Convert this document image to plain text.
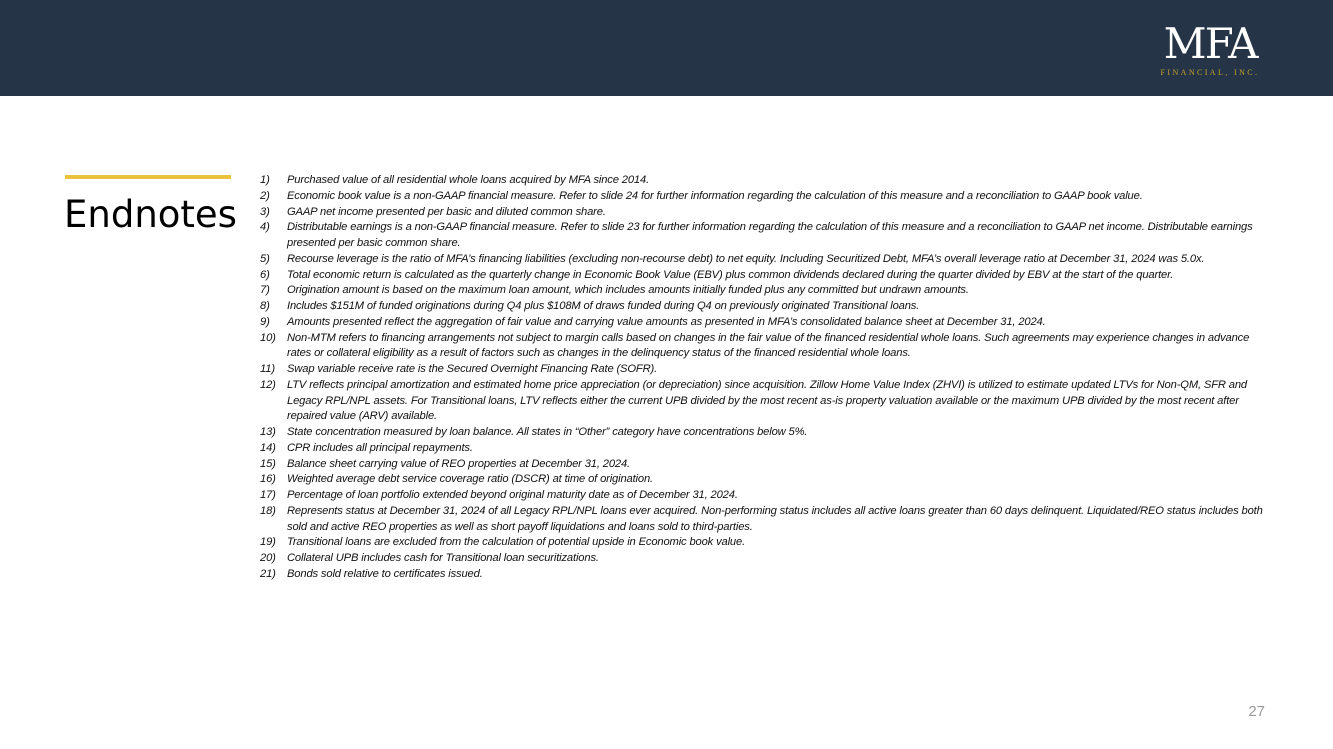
MFA
FINANCIAL, INC.
Endnotes
1)	Purchased value of all residential whole loans acquired by MFA since 2014.
2)	Economic book value is a non-GAAP financial measure. Refer to slide 24 for further information regarding the calculation of this measure and a reconciliation to GAAP book value.
3)	GAAP net income presented per basic and diluted common share.
4)	Distributable earnings is a non-GAAP financial measure. Refer to slide 23 for further information regarding the calculation of this measure and a reconciliation to GAAP net income. Distributable earnings presented per basic common share.
5)	Recourse leverage is the ratio of MFA’s financing liabilities (excluding non-recourse debt) to net equity. Including Securitized Debt, MFA’s overall leverage ratio at December 31, 2024 was 5.0x.
6)	Total economic return is calculated as the quarterly change in Economic Book Value (EBV) plus common dividends declared during the quarter divided by EBV at the start of the quarter.
7)	Origination amount is based on the maximum loan amount, which includes amounts initially funded plus any committed but undrawn amounts.
8)	Includes $151M of funded originations during Q4 plus $108M of draws funded during Q4 on previously originated Transitional loans.
9)	Amounts presented reflect the aggregation of fair value and carrying value amounts as presented in MFA’s consolidated balance sheet at December 31, 2024.
10)	Non-MTM refers to financing arrangements not subject to margin calls based on changes in the fair value of the financed residential whole loans. Such agreements may experience changes in advance rates or collateral eligibility as a result of factors such as changes in the delinquency status of the financed residential whole loans.
11)	Swap variable receive rate is the Secured Overnight Financing Rate (SOFR).
12)	LTV reflects principal amortization and estimated home price appreciation (or depreciation) since acquisition. Zillow Home Value Index (ZHVI) is utilized to estimate updated LTVs for Non-QM, SFR and Legacy RPL/NPL assets. For Transitional loans, LTV reflects either the current UPB divided by the most recent as-is property valuation available or the maximum UPB divided by the most recent after repaired value (ARV) available.
13)	State concentration measured by loan balance. All states in “Other” category have concentrations below 5%.
14)	CPR includes all principal repayments.
15)	Balance sheet carrying value of REO properties at December 31, 2024.
16)	Weighted average debt service coverage ratio (DSCR) at time of origination.
17)	Percentage of loan portfolio extended beyond original maturity date as of December 31, 2024.
18)	Represents status at December 31, 2024 of all Legacy RPL/NPL loans ever acquired. Non-performing status includes all active loans greater than 60 days delinquent. Liquidated/REO status includes both sold and active REO properties as well as short payoff liquidations and loans sold to third-parties.
19)	Transitional loans are excluded from the calculation of potential upside in Economic book value.
20)	Collateral UPB includes cash for Transitional loan securitizations.
21)	Bonds sold relative to certificates issued.
27
